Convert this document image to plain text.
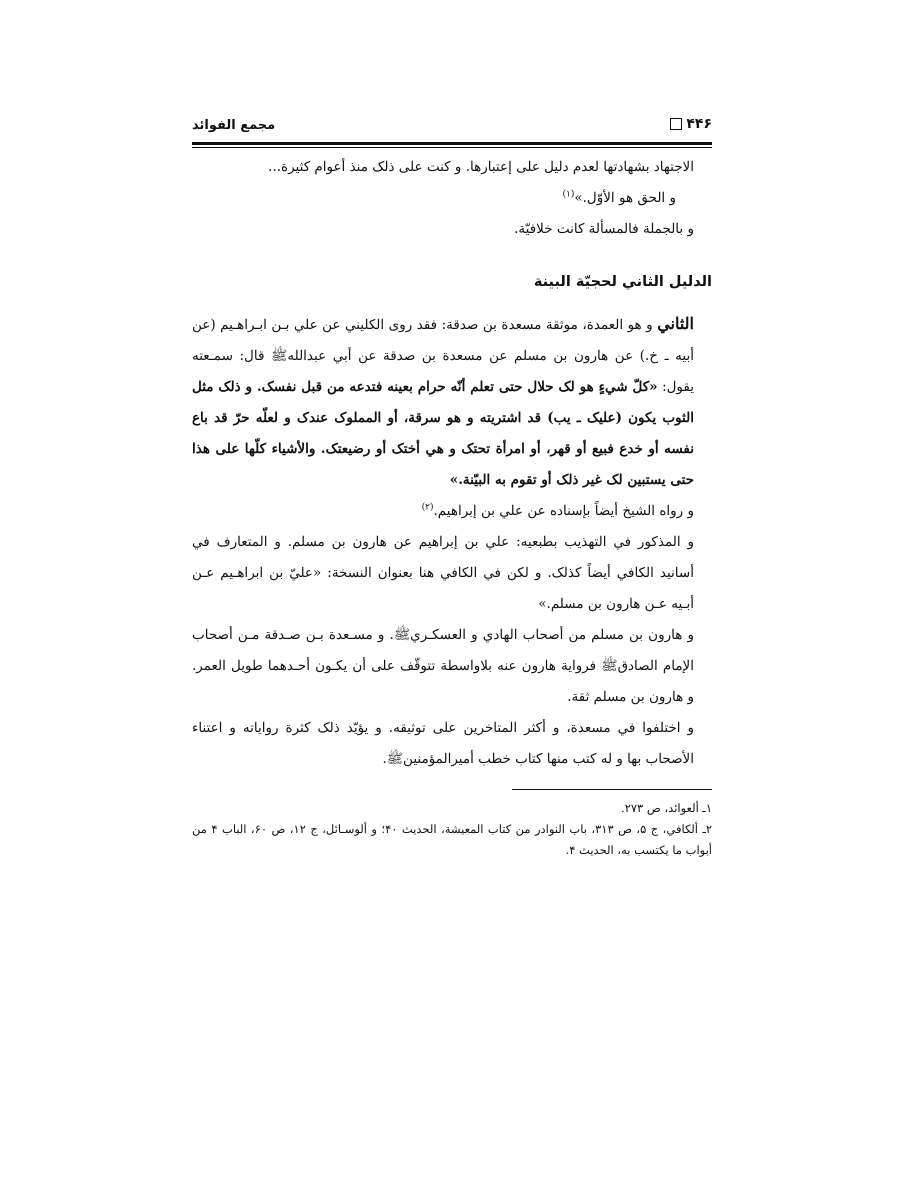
مجمع الفوائد	۴۴۶

الاجتهاد بشهادتها لعدم دليل على إعتبارها. و كنت على ذلک منذ أعوام كثيرة...

و الحق هو الأوّل.»$^{(۱)}$

و بالجملة فالمسألة كانت خلافيّة.

الدليل الثاني لحجيّة البينة

الثاني و هو العمدة، موثقة مسعدة بن صدقة: فقد روى الكليني عن علي بـن ابـراهـيم (عن أبيه ـ خ.) عن هارون بن مسلم عن مسعدة بن صدقة عن أبي عبداللهﷺ قال: سمـعته يقول: «كلّ شيءٍ هو لک حلال حتى تعلم أنّه حرام بعينه فتدعه من قبل نفسک. و ذلک مثل الثوب يكون (عليک ـ يب) قد اشتريته و هو سرقة، أو المملوک عندک و لعلّه حرّ قد باع نفسه أو خدع فبيع أو قهر، أو امرأة تحتک و هي أختک أو رضيعتک. والأشياء كلّها على هذا حتى يستبين لک غير ذلک أو تقوم به البيّنة.»

و رواه الشيخ أيضاً بإسناده عن علي بن إبراهيم.$^{(۲)}$

و المذكور في التهذيب بطبعيه: علي بن إبراهيم عن هارون بن مسلم. و المتعارف في أسانيد الكافي أيضاً كذلک. و لكن في الكافي هنا بعنوان النسخة: «عليّ بن ابراهـيم عـن أبـيه عـن هارون بن مسلم.»

و هارون بن مسلم من أصحاب الهادي و العسكـريﷺ. و مسـعدة بـن صـدقة مـن أصحاب الإمام الصادقﷺ فرواية هارون عنه بلاواسطة تتوقّف على أن يكـون أحـدهما طويل العمر. و هارون بن مسلم ثقة.

و اختلفوا في مسعدة، و أكثر المتاخرين على توثيقه. و يؤيّد ذلک كثرة رواياته و اعتناء الأصحاب بها و له كتب منها كتاب خطب أميرالمؤمنينﷺ.

١ـ ألعوائد، ص ٢٧٣.

٢ـ ألكافي، ج ۵، ص ٣١٣، باب النوادر من كتاب المعيشة، الحديث ۴٠؛ و ألوسـائل، ج ١٢، ص ۶٠، الباب ۴ من أبواب ما يكتسب به، الحديث ۴.
